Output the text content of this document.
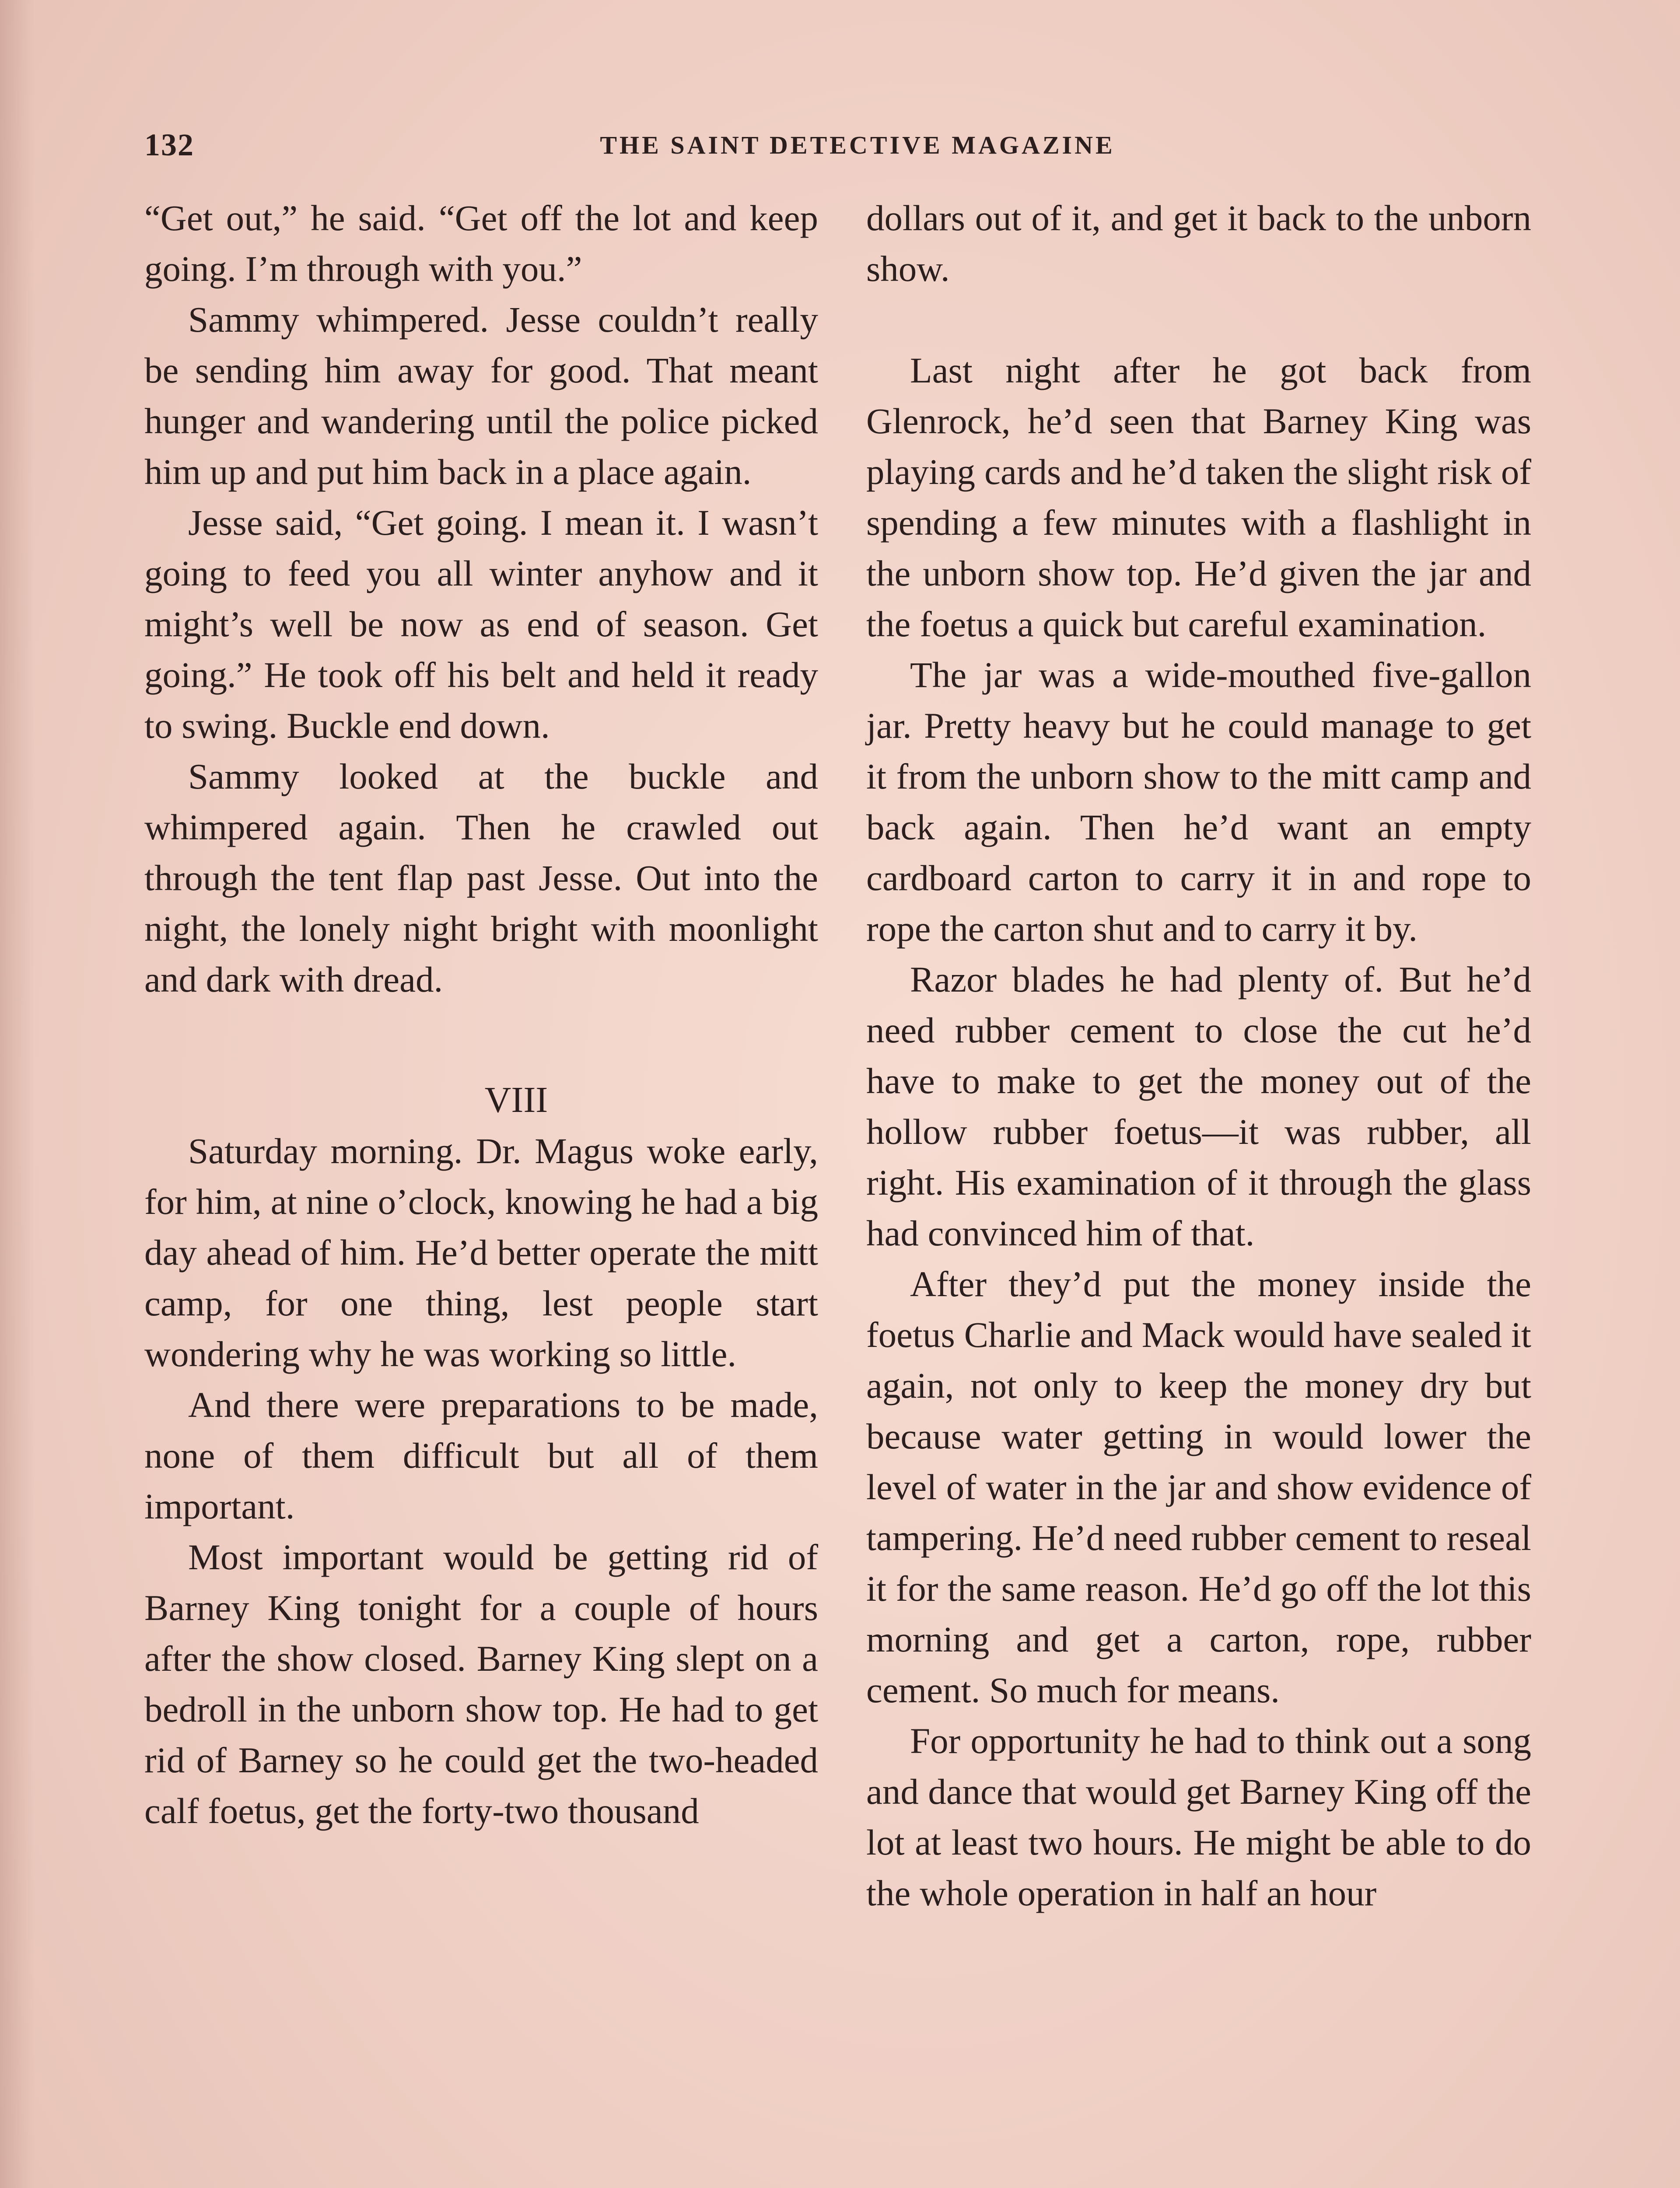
132	THE SAINT DETECTIVE MAGAZINE

“Get out,” he said. “Get off the lot and keep going. I’m through with you.”

Sammy whimpered. Jesse couldn’t really be sending him away for good. That meant hunger and wandering until the police picked him up and put him back in a place again.

Jesse said, “Get going. I mean it. I wasn’t going to feed you all winter anyhow and it might’s well be now as end of season. Get going.” He took off his belt and held it ready to swing. Buckle end down.

Sammy looked at the buckle and whimpered again. Then he crawled out through the tent flap past Jesse. Out into the night, the lonely night bright with moonlight and dark with dread.

VIII

Saturday morning. Dr. Magus woke early, for him, at nine o’clock, knowing he had a big day ahead of him. He’d better operate the mitt camp, for one thing, lest people start wondering why he was working so little.

And there were preparations to be made, none of them difficult but all of them important.

Most important would be getting rid of Barney King tonight for a couple of hours after the show closed. Barney King slept on a bedroll in the unborn show top. He had to get rid of Barney so he could get the two-headed calf foetus, get the forty-two thousand

dollars out of it, and get it back to the unborn show.

Last night after he got back from Glenrock, he’d seen that Barney King was playing cards and he’d taken the slight risk of spending a few minutes with a flashlight in the unborn show top. He’d given the jar and the foetus a quick but careful examination.

The jar was a wide-mouthed five-gallon jar. Pretty heavy but he could manage to get it from the unborn show to the mitt camp and back again. Then he’d want an empty cardboard carton to carry it in and rope to rope the carton shut and to carry it by.

Razor blades he had plenty of. But he’d need rubber cement to close the cut he’d have to make to get the money out of the hollow rubber foetus—it was rubber, all right. His examination of it through the glass had convinced him of that.

After they’d put the money inside the foetus Charlie and Mack would have sealed it again, not only to keep the money dry but because water getting in would lower the level of water in the jar and show evidence of tampering. He’d need rubber cement to reseal it for the same reason. He’d go off the lot this morning and get a carton, rope, rubber cement. So much for means.

For opportunity he had to think out a song and dance that would get Barney King off the lot at least two hours. He might be able to do the whole operation in half an hour
